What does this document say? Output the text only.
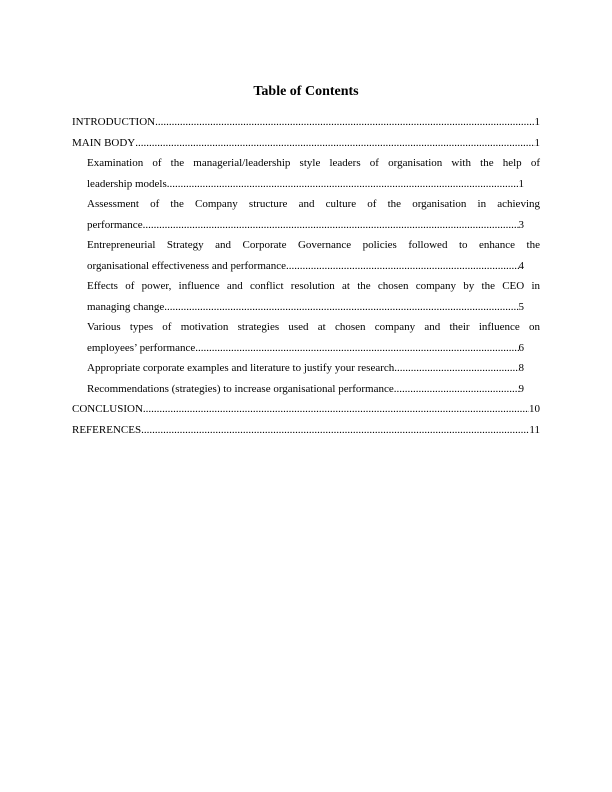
Table of Contents
INTRODUCTION .....	1
MAIN BODY .....	1
Examination of the managerial/leadership style leaders of organisation with the help of
leadership models .....	1
Assessment of the Company structure and culture of the organisation in achieving
performance .....	3
Entrepreneurial Strategy and Corporate Governance policies followed to enhance the
organisational effectiveness and performance .....	4
Effects of power, influence and conflict resolution at the chosen company by the CEO in
managing change .....	5
Various types of motivation strategies used at chosen company and their influence on
employees’ performance .....	6
Appropriate corporate examples and literature to justify your research .....	8
Recommendations (strategies) to increase organisational performance .....	9
CONCLUSION .....	10
REFERENCES .....	11
